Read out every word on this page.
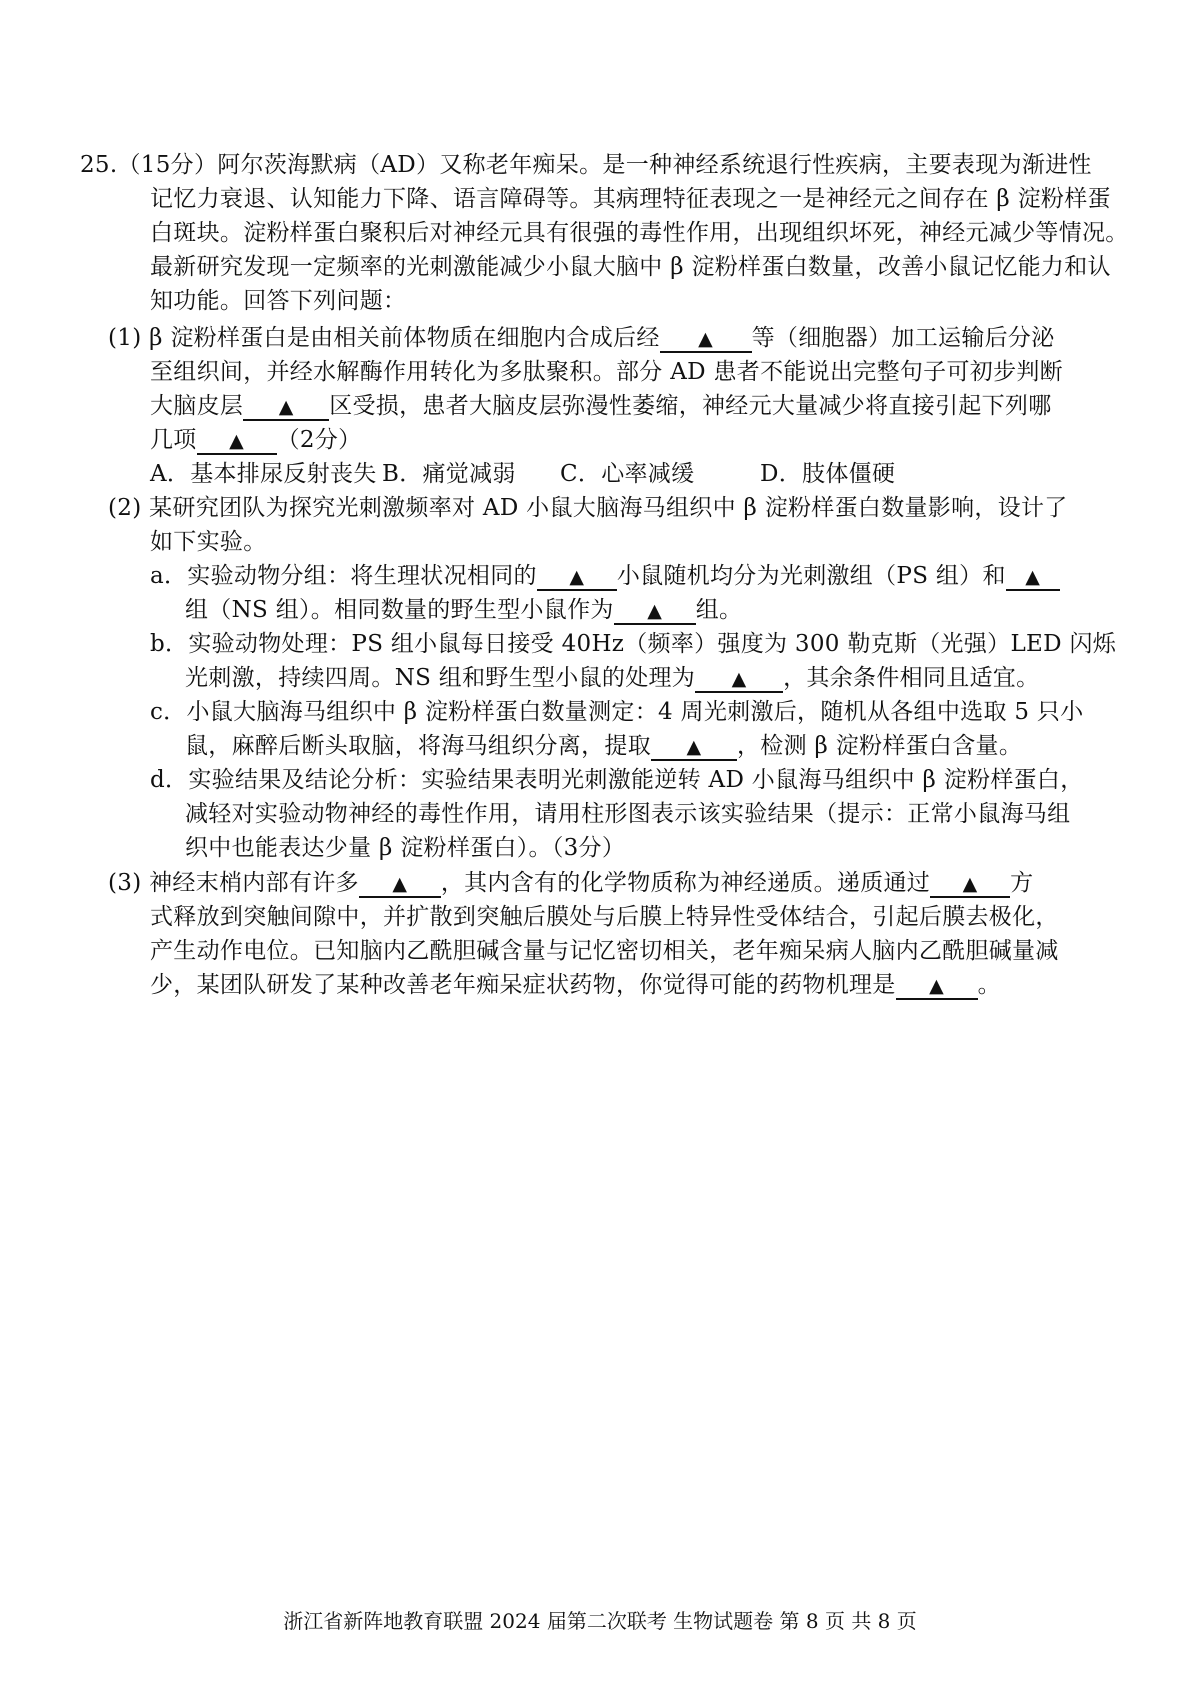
25.（15分）阿尔茨海默病（AD）又称老年痴呆。是一种神经系统退行性疾病，主要表现为渐进性
记忆力衰退、认知能力下降、语言障碍等。其病理特征表现之一是神经元之间存在 β 淀粉样蛋
白斑块。淀粉样蛋白聚积后对神经元具有很强的毒性作用，出现组织坏死，神经元减少等情况。
最新研究发现一定频率的光刺激能减少小鼠大脑中 β 淀粉样蛋白数量，改善小鼠记忆能力和认
知功能。回答下列问题：
(1) β 淀粉样蛋白是由相关前体物质在细胞内合成后经 ▲ 等（细胞器）加工运输后分泌
至组织间，并经水解酶作用转化为多肽聚积。部分 AD 患者不能说出完整句子可初步判断
大脑皮层 ▲ 区受损，患者大脑皮层弥漫性萎缩，神经元大量减少将直接引起下列哪
几项 ▲ （2分）
A．基本排尿反射丧失 B．痛觉减弱 C．心率减缓	D．肢体僵硬
(2) 某研究团队为探究光刺激频率对 AD 小鼠大脑海马组织中 β 淀粉样蛋白数量影响，设计了
如下实验。
a．实验动物分组：将生理状况相同的 ▲ 小鼠随机均分为光刺激组（PS 组）和 ▲
组（NS 组）。相同数量的野生型小鼠作为 ▲ 组。
b．实验动物处理：PS 组小鼠每日接受 40Hz（频率）强度为 300 勒克斯（光强）LED 闪烁
光刺激，持续四周。NS 组和野生型小鼠的处理为 ▲ ，其余条件相同且适宜。
c．小鼠大脑海马组织中 β 淀粉样蛋白数量测定：4 周光刺激后，随机从各组中选取 5 只小
鼠，麻醉后断头取脑，将海马组织分离，提取 ▲ ，检测 β 淀粉样蛋白含量。
d．实验结果及结论分析：实验结果表明光刺激能逆转 AD 小鼠海马组织中 β 淀粉样蛋白，
减轻对实验动物神经的毒性作用，请用柱形图表示该实验结果（提示：正常小鼠海马组
织中也能表达少量 β 淀粉样蛋白）。（3分）
(3) 神经末梢内部有许多 ▲ ，其内含有的化学物质称为神经递质。递质通过 ▲ 方
式释放到突触间隙中，并扩散到突触后膜处与后膜上特异性受体结合，引起后膜去极化，
产生动作电位。已知脑内乙酰胆碱含量与记忆密切相关，老年痴呆病人脑内乙酰胆碱量减
少，某团队研发了某种改善老年痴呆症状药物，你觉得可能的药物机理是 ▲ 。
浙江省新阵地教育联盟 2024 届第二次联考 生物试题卷 第 8 页 共 8 页
